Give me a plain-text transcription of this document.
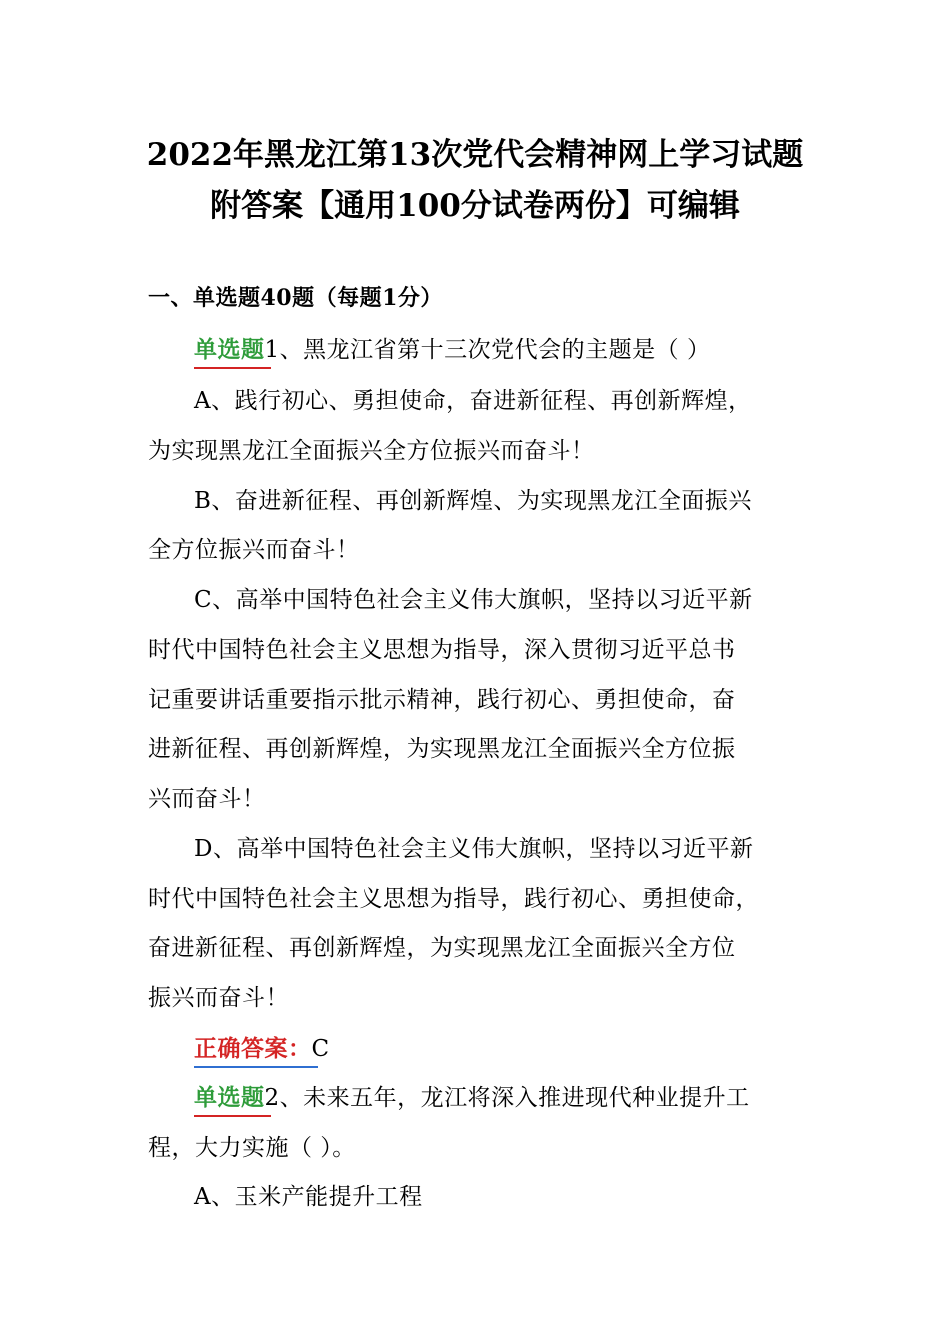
2022年黑龙江第13次党代会精神网上学习试题
附答案【通用100分试卷两份】可编辑
一、单选题40题（每题1分）
单选题
1、黑龙江省第十三次党代会的主题是（ ）
A、践行初心、勇担使命，奋进新征程、再创新辉煌，
为实现黑龙江全面振兴全方位振兴而奋斗！
B、奋进新征程、再创新辉煌、为实现黑龙江全面振兴
全方位振兴而奋斗！
C、高举中国特色社会主义伟大旗帜，坚持以习近平新
时代中国特色社会主义思想为指导，深入贯彻习近平总书
记重要讲话重要指示批示精神，践行初心、勇担使命，奋
进新征程、再创新辉煌，为实现黑龙江全面振兴全方位振
兴而奋斗！
D、高举中国特色社会主义伟大旗帜，坚持以习近平新
时代中国特色社会主义思想为指导，践行初心、勇担使命，
奋进新征程、再创新辉煌，为实现黑龙江全面振兴全方位
振兴而奋斗！
正确答案：
C
单选题
2、未来五年，龙江将深入推进现代种业提升工
程，大力实施（ ）。
A、玉米产能提升工程
